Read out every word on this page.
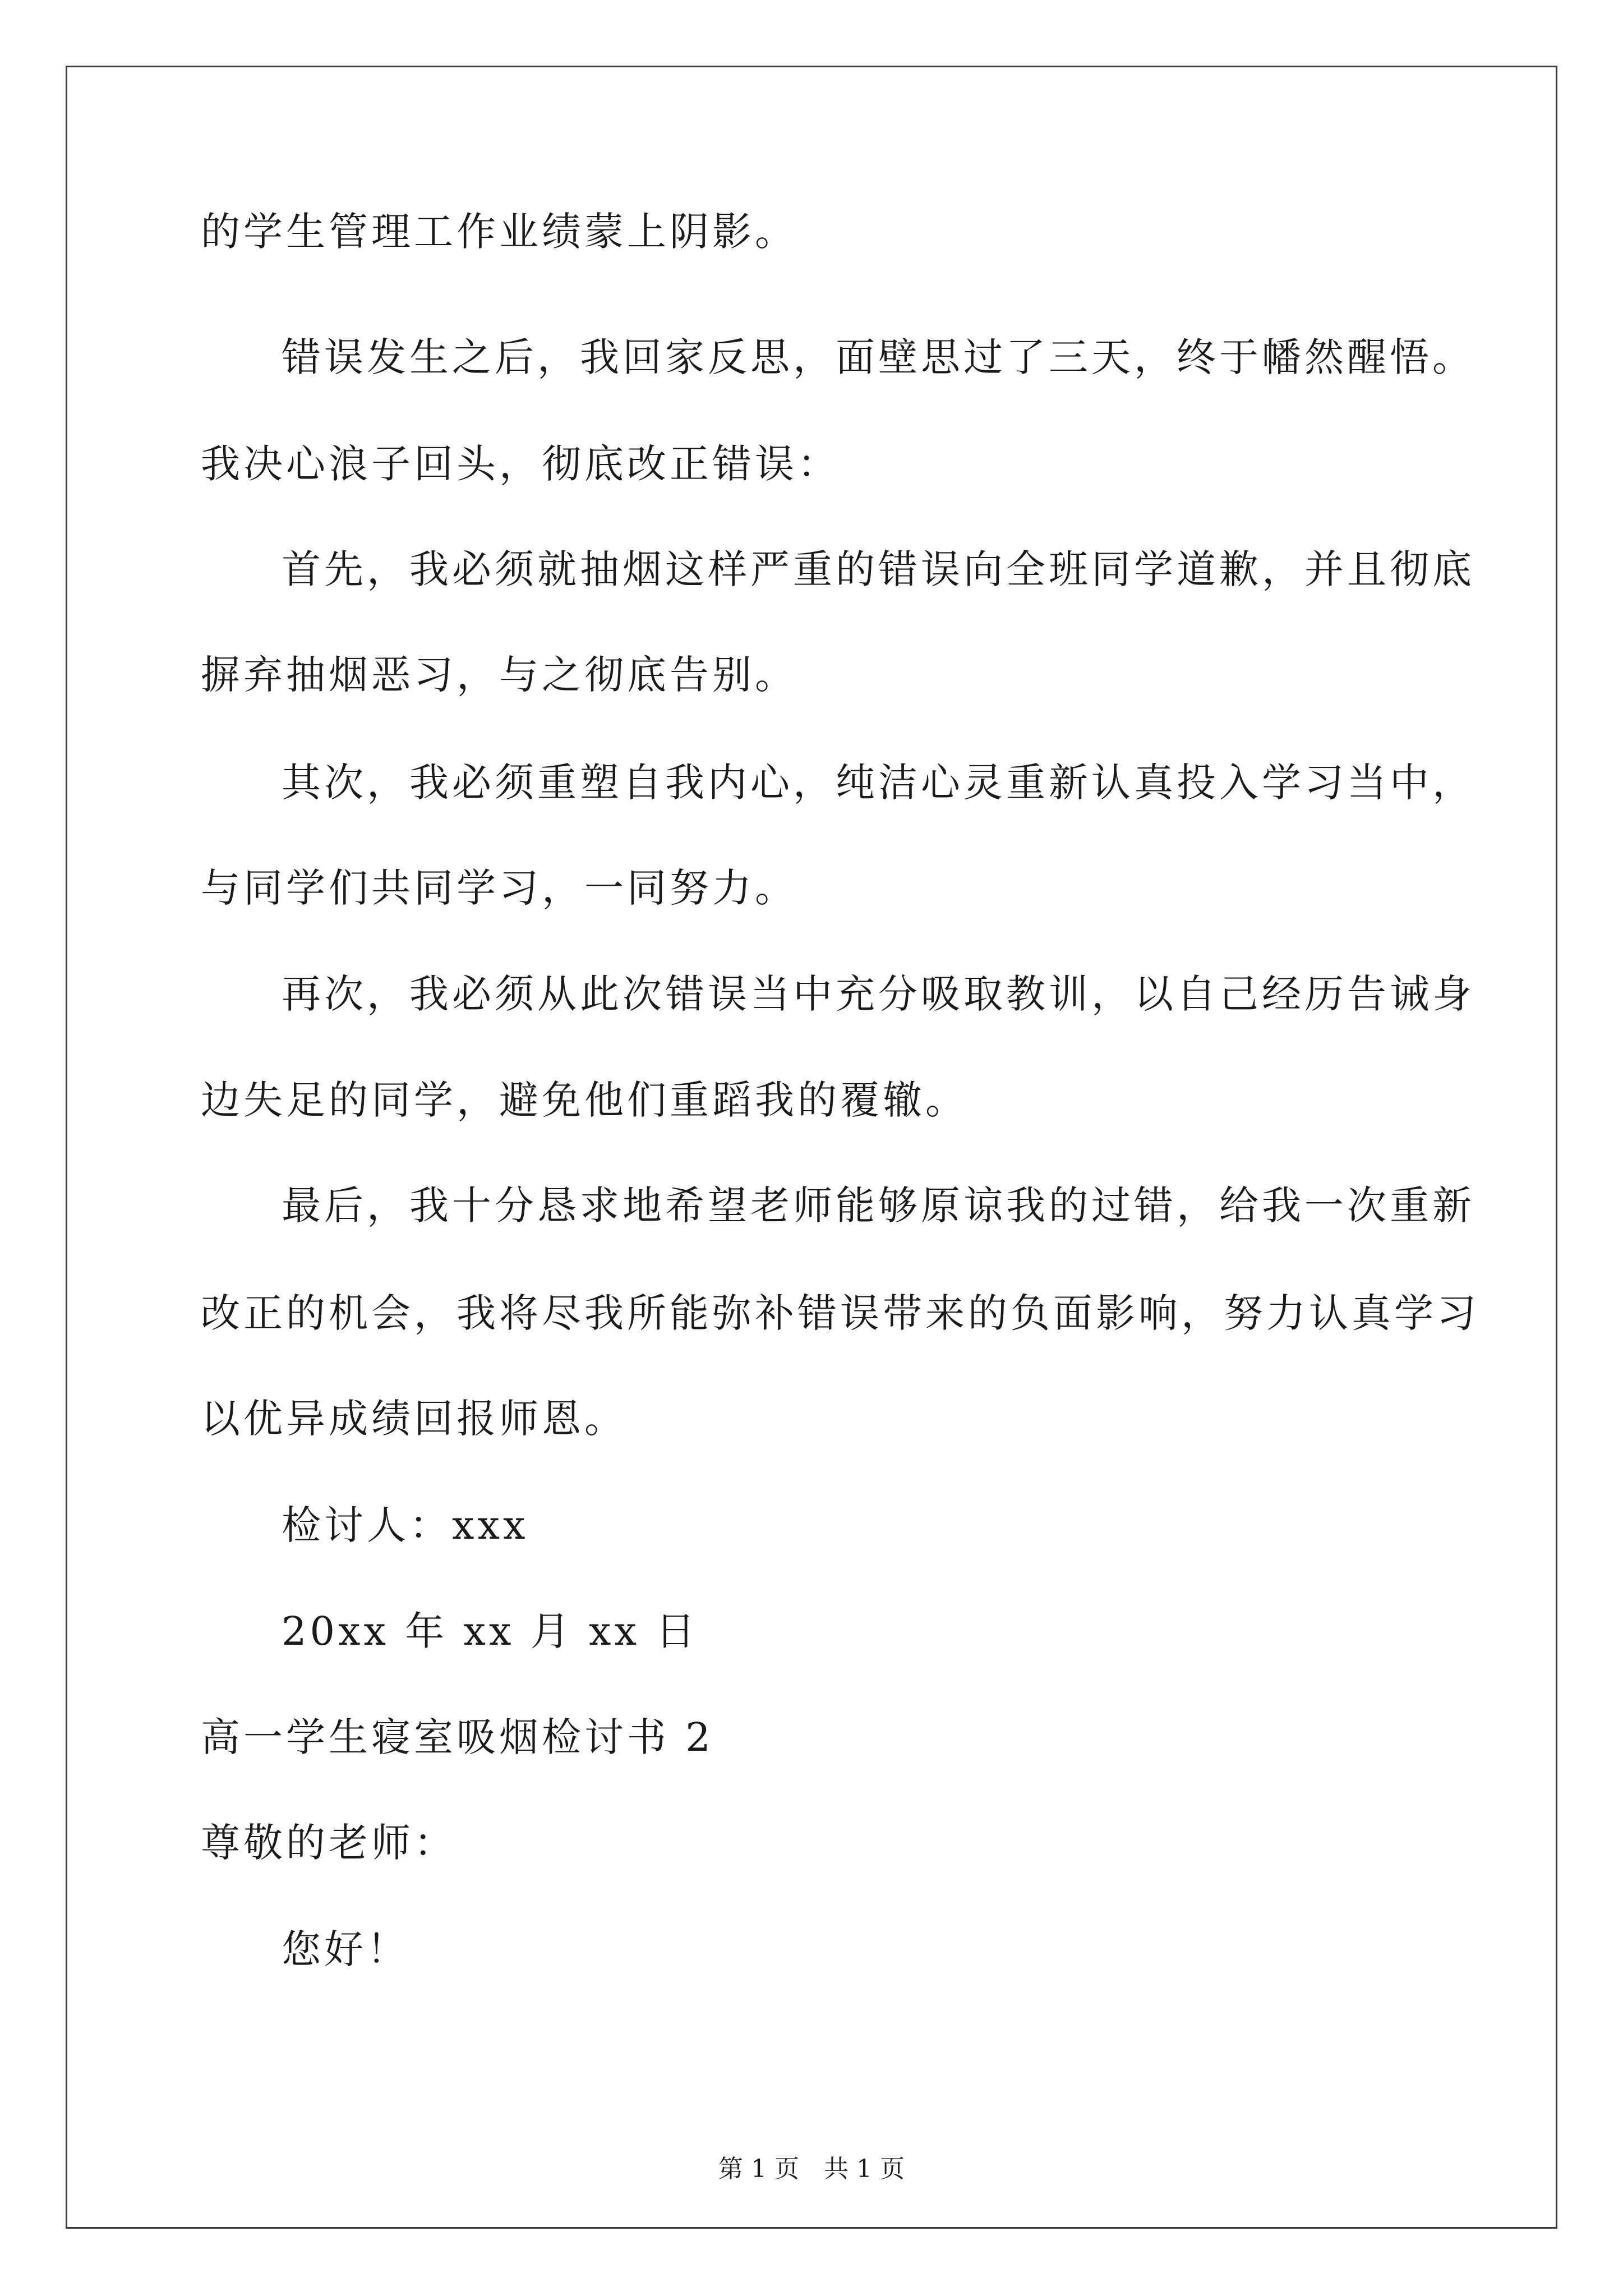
的学生管理工作业绩蒙上阴影。
错误发生之后，我回家反思，面壁思过了三天，终于幡然醒悟。
我决心浪子回头，彻底改正错误：
首先，我必须就抽烟这样严重的错误向全班同学道歉，并且彻底
摒弃抽烟恶习，与之彻底告别。
其次，我必须重塑自我内心，纯洁心灵重新认真投入学习当中，
与同学们共同学习，一同努力。
再次，我必须从此次错误当中充分吸取教训，以自己经历告诫身
边失足的同学，避免他们重蹈我的覆辙。
最后，我十分恳求地希望老师能够原谅我的过错，给我一次重新
改正的机会，我将尽我所能弥补错误带来的负面影响，努力认真学习
以优异成绩回报师恩。
检讨人：xxx
20xx 年 xx 月 xx 日
高一学生寝室吸烟检讨书 2
尊敬的老师：
您好！
第 1 页　共 1 页
